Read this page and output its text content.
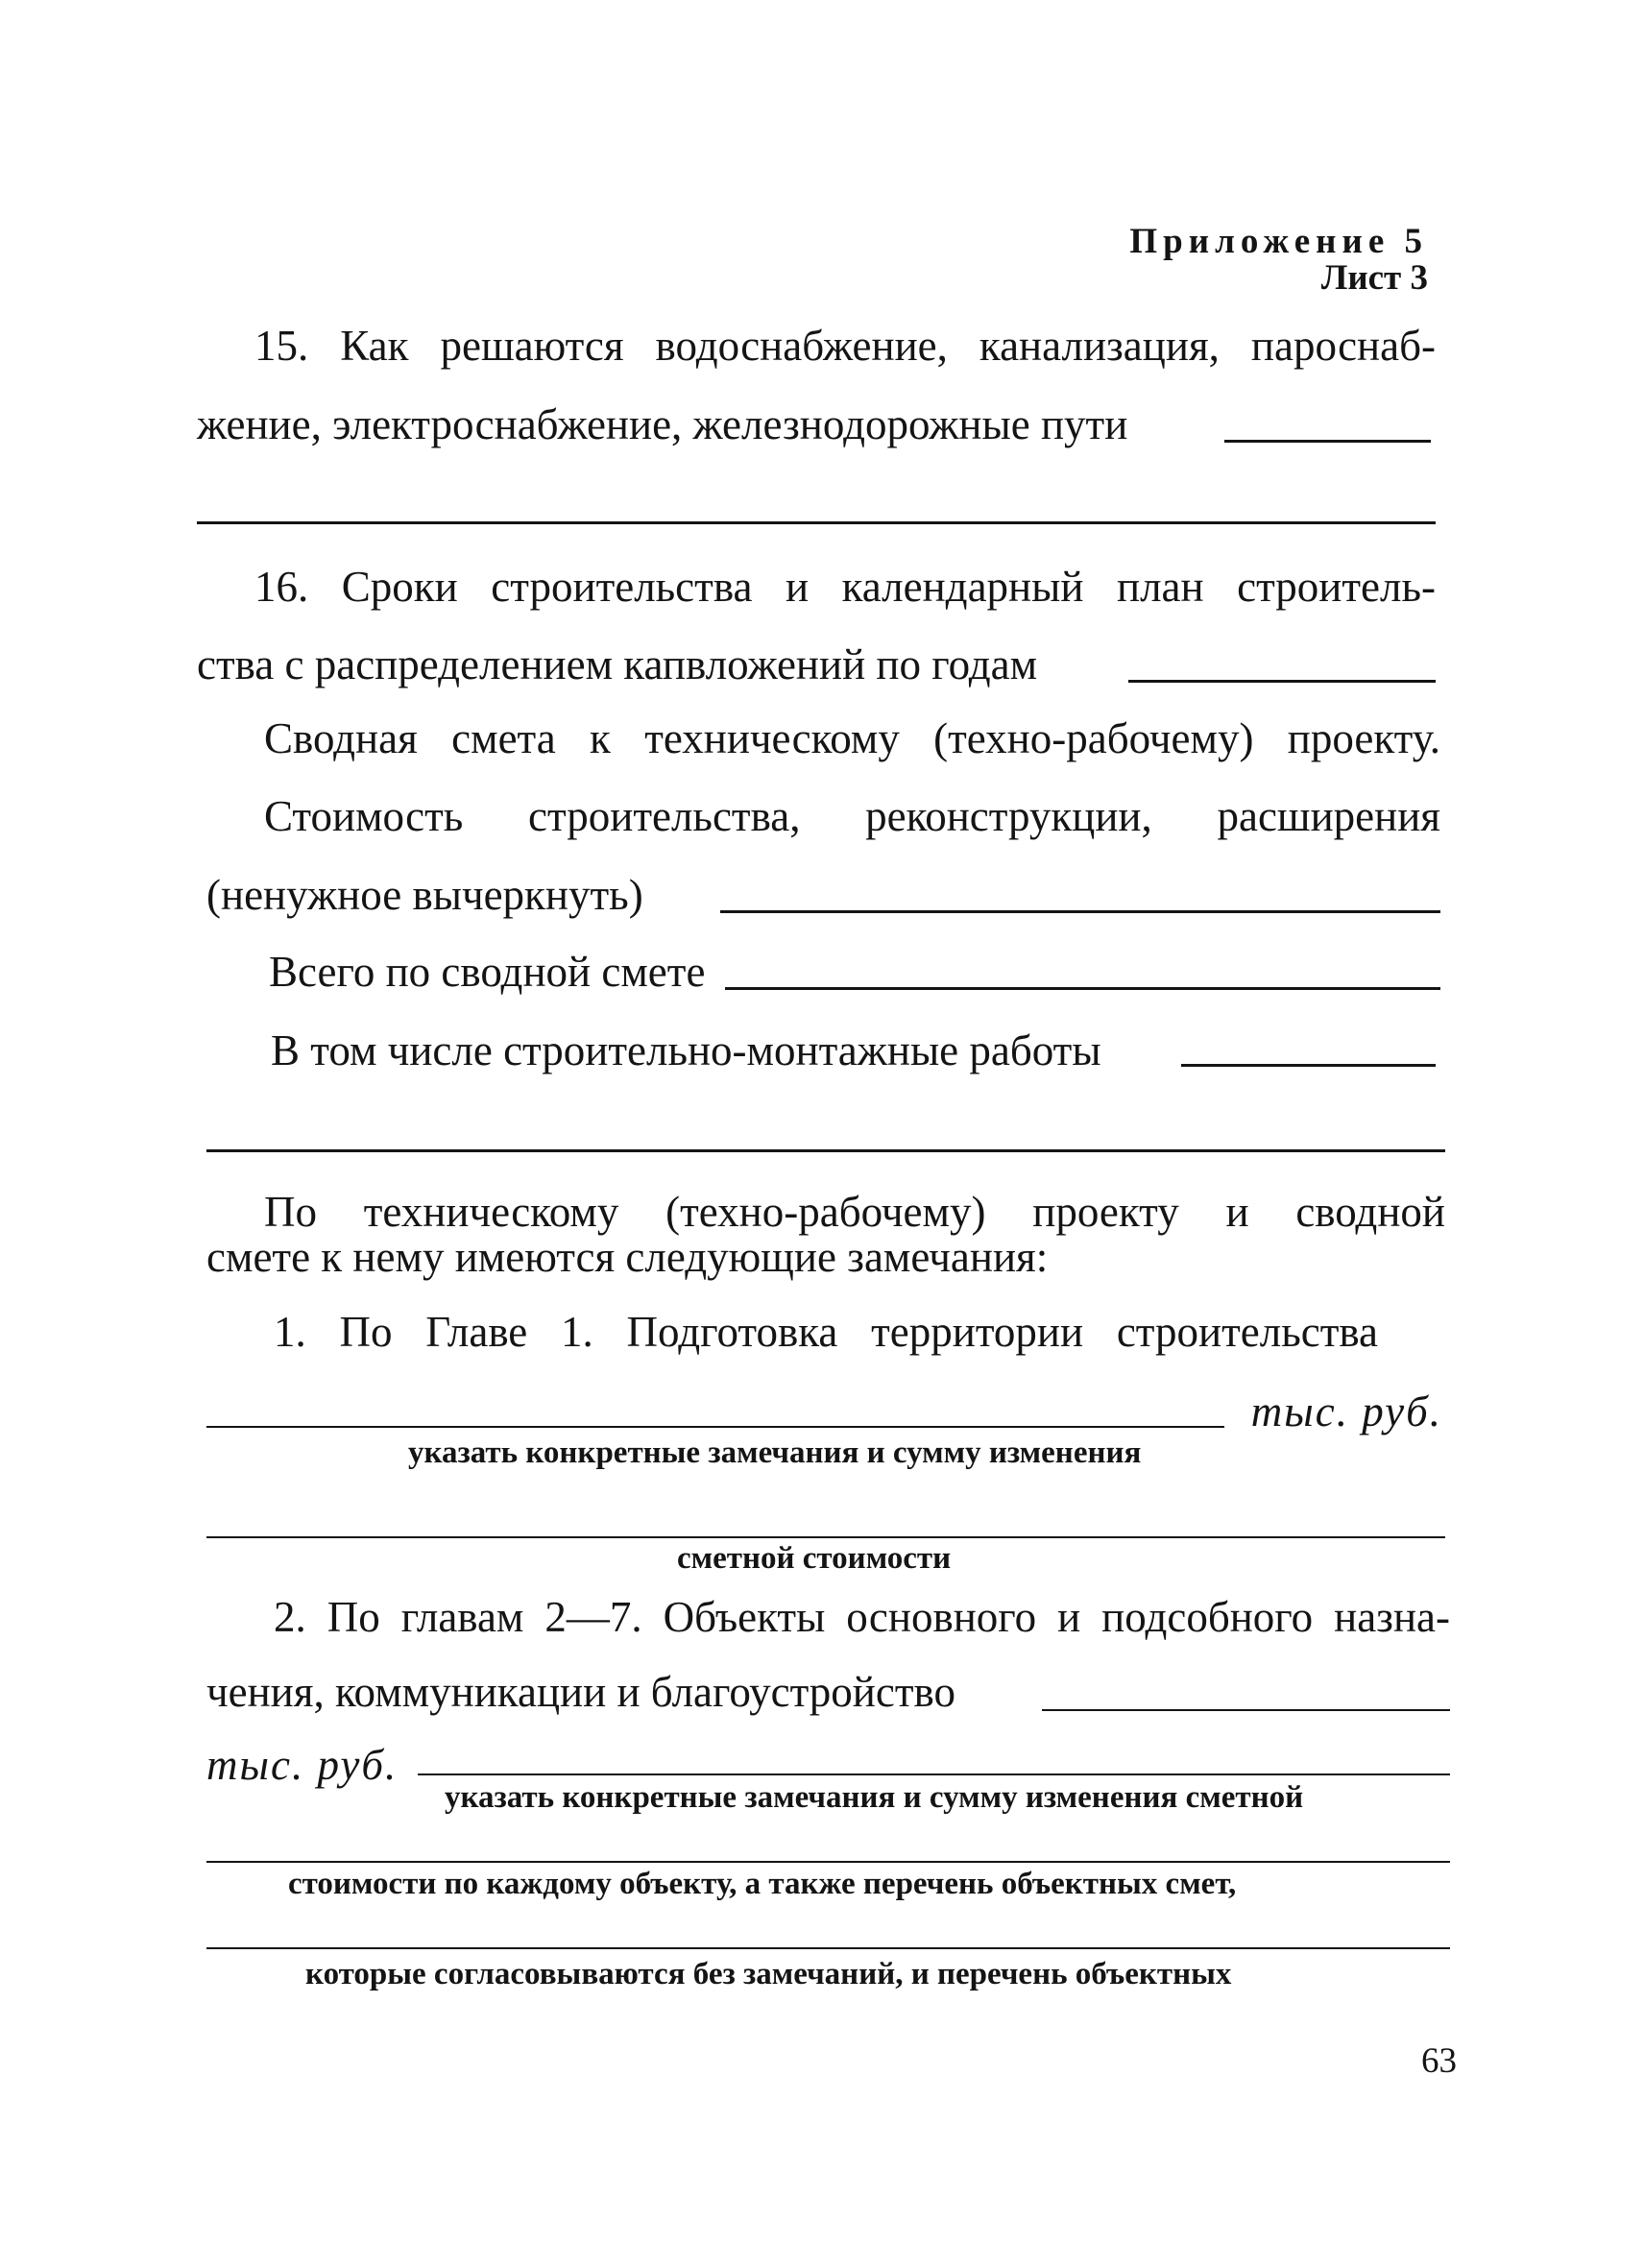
Приложение 5
Лист 3
15. Как решаются водоснабжение, канализация, пароснаб-
жение, электроснабжение, железнодорожные пути
16. Сроки строительства и календарный план строитель-
ства с распределением капвложений по годам
Сводная смета к техническому (техно-рабочему) проекту.
Стоимость строительства, реконструкции, расширения
(ненужное вычеркнуть)
Всего по сводной смете
В том числе строительно-монтажные работы
По техническому (техно-рабочему) проекту и сводной
смете к нему имеются следующие замечания:
1. По Главе 1. Подготовка территории строительства
тыс. руб.
указать конкретные замечания и сумму изменения
сметной стоимости
2. По главам 2—7. Объекты основного и подсобного назна-
чения, коммуникации и благоустройство
тыс. руб.
указать конкретные замечания и сумму изменения сметной
стоимости по каждому объекту, а также перечень объектных смет,
которые согласовываются без замечаний, и перечень объектных
63
